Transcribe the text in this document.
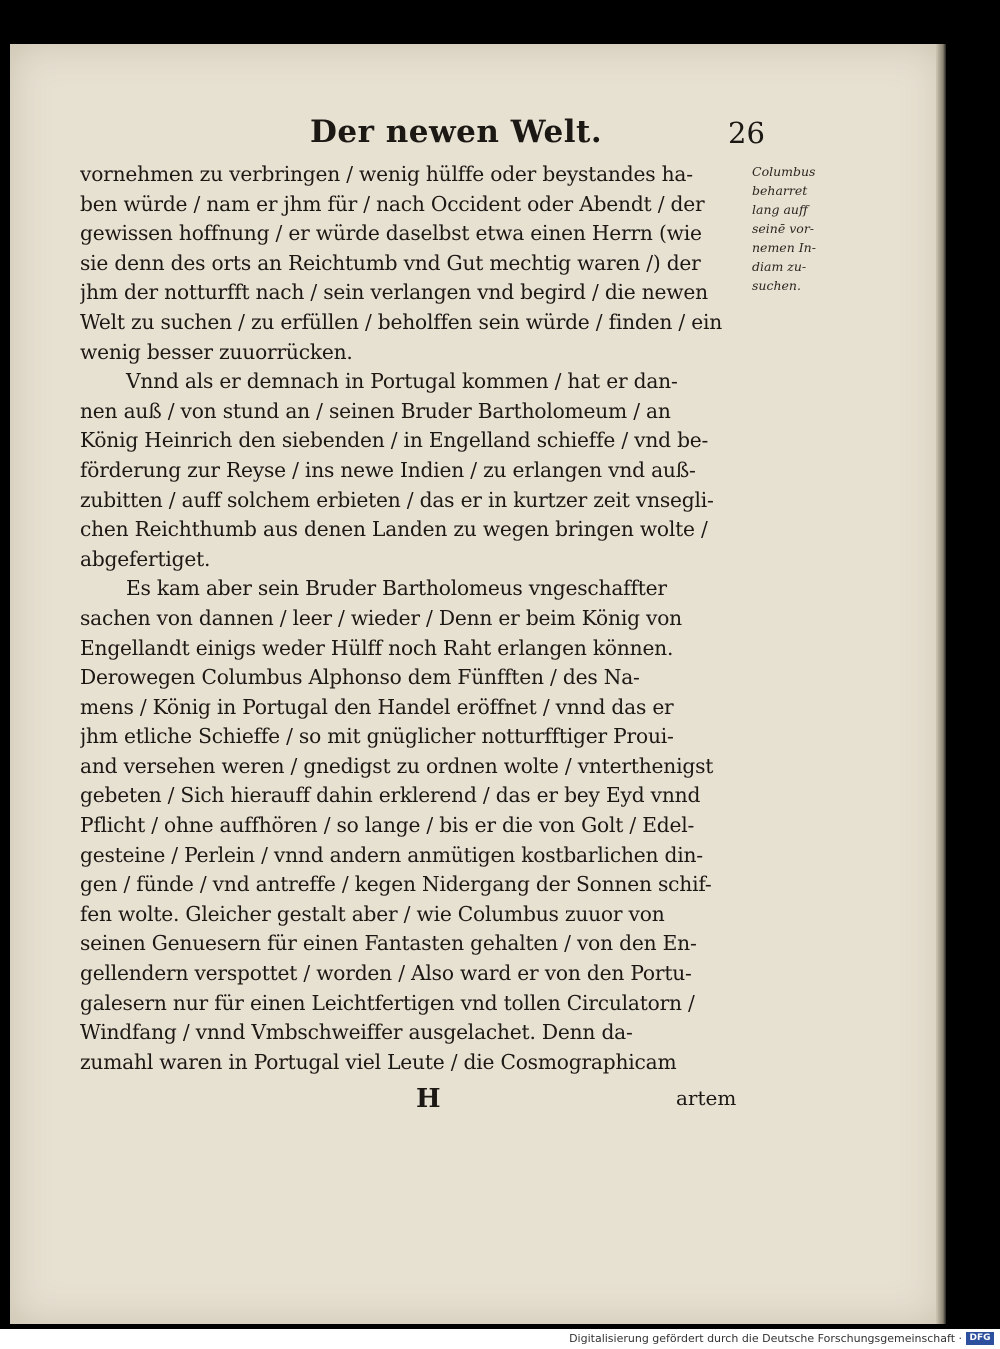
Der newen Welt.	26
vornehmen zu verbringen / wenig hülffe oder beystandes ha-
ben würde / nam er jhm für / nach Occident oder Abendt / der
gewissen hoffnung / er würde daselbst etwa einen Herrn (wie
sie denn des orts an Reichtumb vnd Gut mechtig waren /) der
jhm der notturfft nach / sein verlangen vnd begird / die newen
Welt zu suchen / zu erfüllen / beholffen sein würde / finden / ein
wenig besser zuuorrücken.
Vnnd als er demnach in Portugal kommen / hat er dan-
nen auß / von stund an / seinen Bruder Bartholomeum / an
König Heinrich den siebenden / in Engelland schieffe / vnd be-
förderung zur Reyse / ins newe Indien / zu erlangen vnd auß-
zubitten / auff solchem erbieten / das er in kurtzer zeit vnsegli-
chen Reichthumb aus denen Landen zu wegen bringen wolte /
abgefertiget.
Es kam aber sein Bruder Bartholomeus vngeschaffter
sachen von dannen / leer / wieder / Denn er beim König von
Engellandt einigs weder Hülff noch Raht erlangen können.
Derowegen Columbus Alphonso dem Fünfften / des Na-
mens / König in Portugal den Handel eröffnet / vnnd das er
jhm etliche Schieffe / so mit gnüglicher notturfftiger Proui-
and versehen weren / gnedigst zu ordnen wolte / vnterthenigst
gebeten / Sich hierauff dahin erklerend / das er bey Eyd vnnd
Pflicht / ohne auffhören / so lange / bis er die von Golt / Edel-
gesteine / Perlein / vnnd andern anmütigen kostbarlichen din-
gen / fünde / vnd antreffe / kegen Nidergang der Sonnen schif-
fen wolte. Gleicher gestalt aber / wie Columbus zuuor von
seinen Genuesern für einen Fantasten gehalten / von den En-
gellendern verspottet / worden / Also ward er von den Portu-
galesern nur für einen Leichtfertigen vnd tollen Circulatorn /
Windfang / vnnd Vmbschweiffer ausgelachet. Denn da-
zumahl waren in Portugal viel Leute / die Cosmographicam
Columbus
beharret
lang auff
seinē vor-
nemen In-
diam zu-
suchen.
H	artem
Digitalisierung gefördert durch die Deutsche Forschungsgemeinschaft · DFG
